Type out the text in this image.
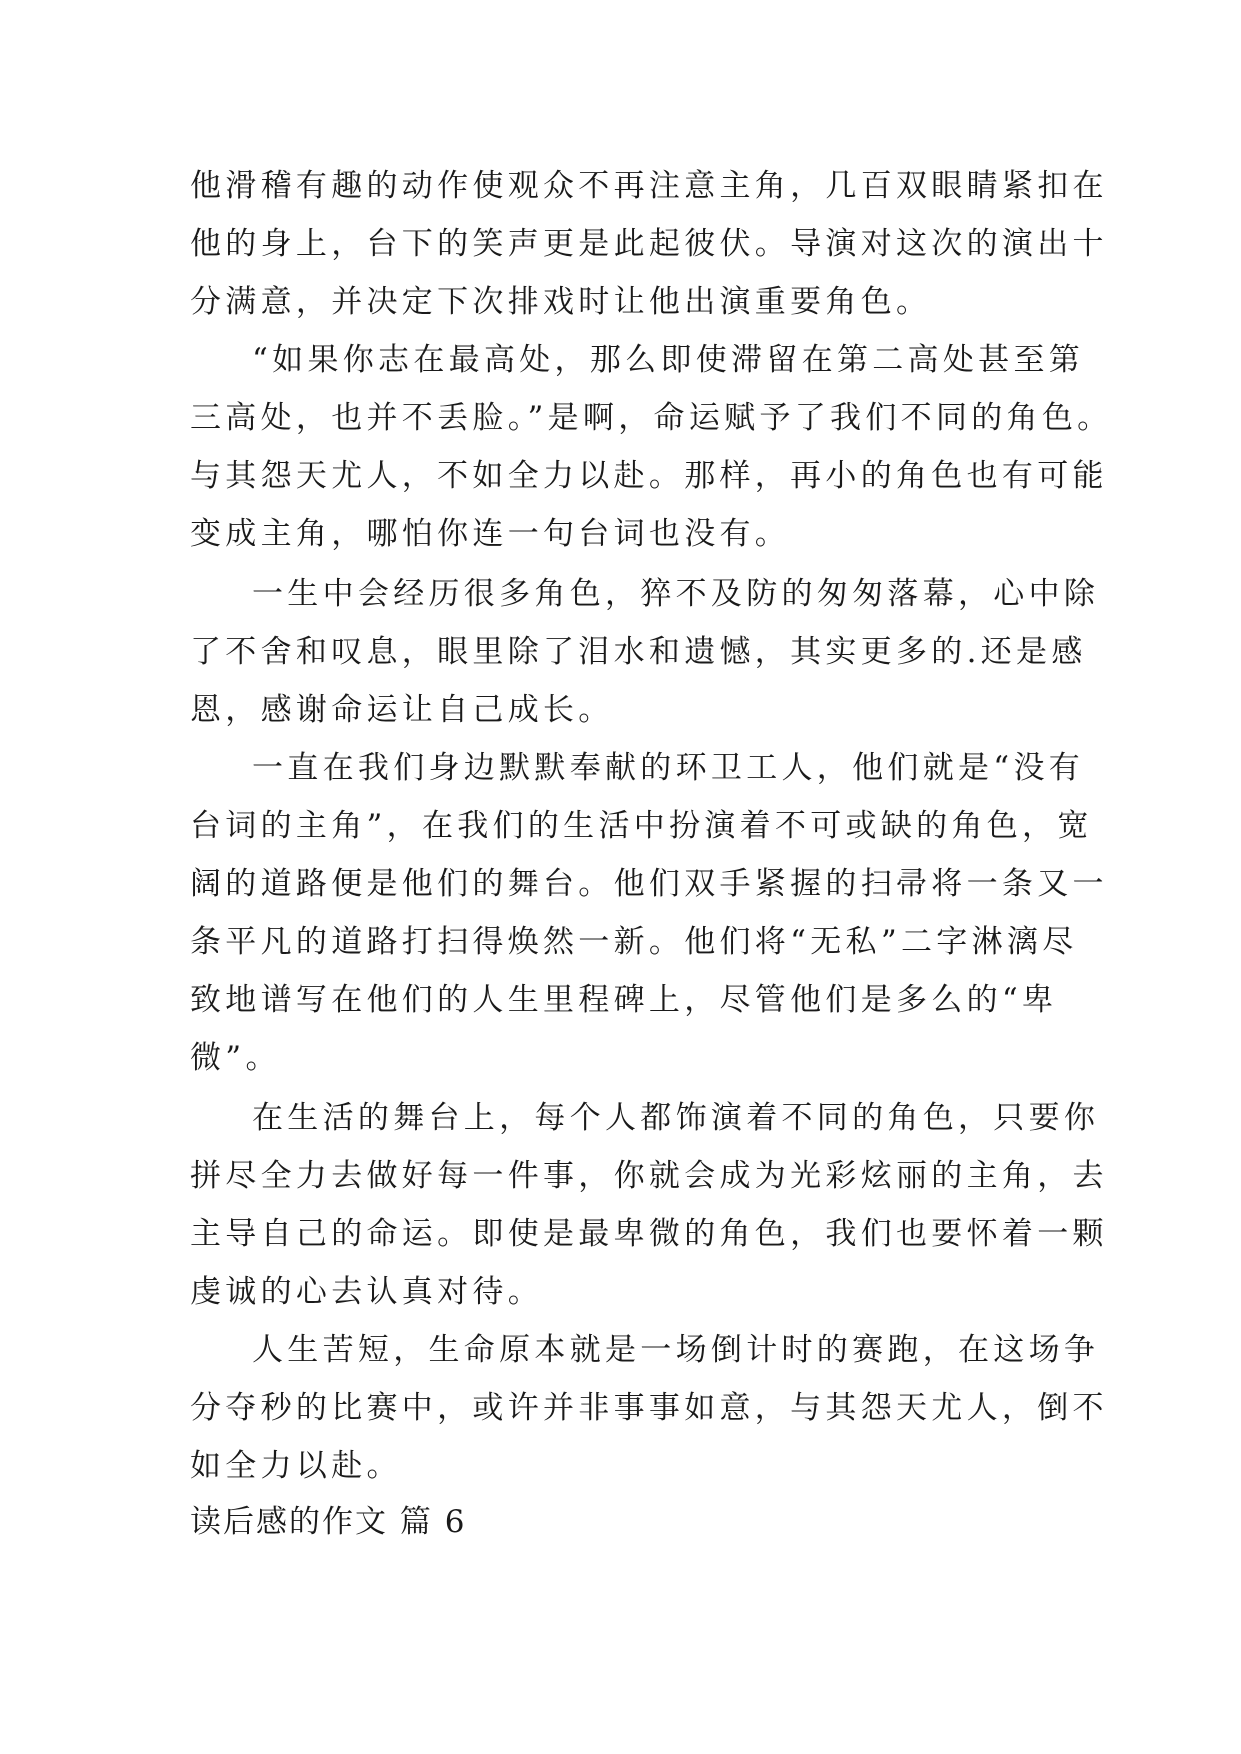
他滑稽有趣的动作使观众不再注意主角，几百双眼睛紧扣在
他的身上，台下的笑声更是此起彼伏。导演对这次的演出十
分满意，并决定下次排戏时让他出演重要角色。
“如果你志在最高处，那么即使滞留在第二高处甚至第
三高处，也并不丢脸。”是啊，命运赋予了我们不同的角色。
与其怨天尤人，不如全力以赴。那样，再小的角色也有可能
变成主角，哪怕你连一句台词也没有。
一生中会经历很多角色，猝不及防的匆匆落幕，心中除
了不舍和叹息，眼里除了泪水和遗憾，其实更多的.还是感
恩，感谢命运让自己成长。
一直在我们身边默默奉献的环卫工人，他们就是“没有
台词的主角”，在我们的生活中扮演着不可或缺的角色，宽
阔的道路便是他们的舞台。他们双手紧握的扫帚将一条又一
条平凡的道路打扫得焕然一新。他们将“无私”二字淋漓尽
致地谱写在他们的人生里程碑上，尽管他们是多么的“卑
微”。
在生活的舞台上，每个人都饰演着不同的角色，只要你
拼尽全力去做好每一件事，你就会成为光彩炫丽的主角，去
主导自己的命运。即使是最卑微的角色，我们也要怀着一颗
虔诚的心去认真对待。
人生苦短，生命原本就是一场倒计时的赛跑，在这场争
分夺秒的比赛中，或许并非事事如意，与其怨天尤人，倒不
如全力以赴。
读后感的作文 篇 6
